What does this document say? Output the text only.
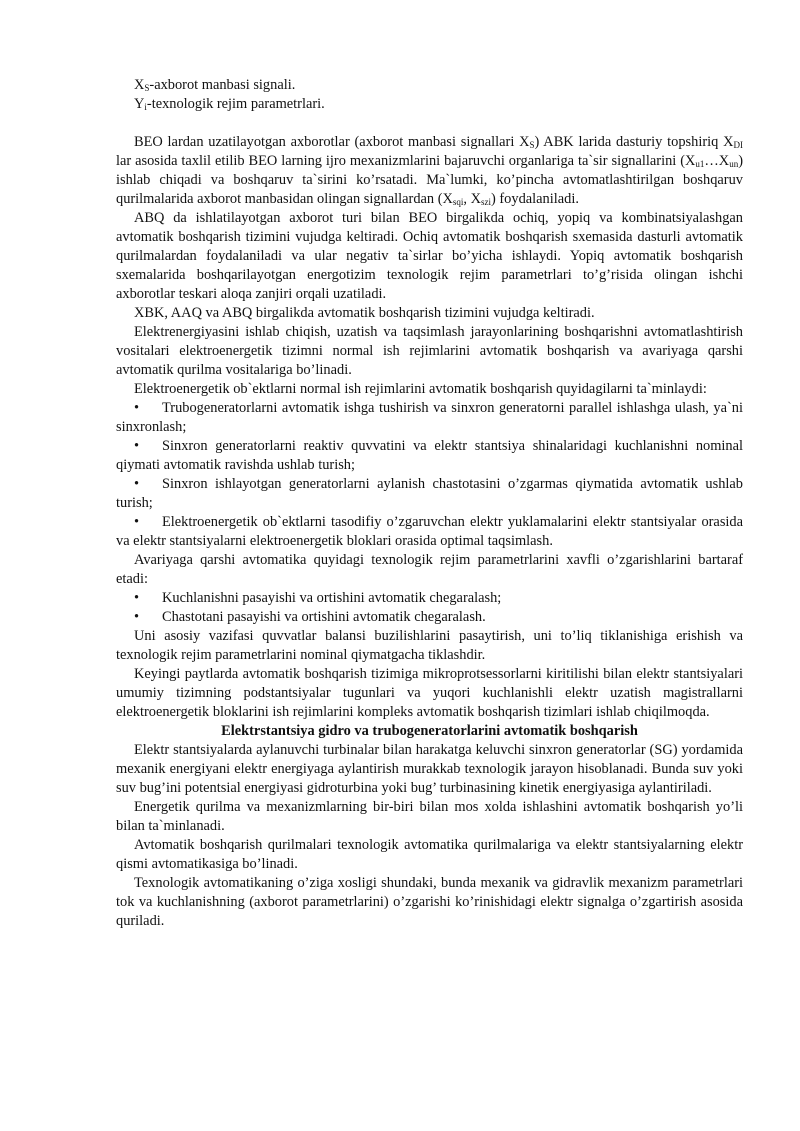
$X_S$-axborot manbasi signali.

$Y_i$-texnologik rejim parametrlari.

BEO lardan uzatilayotgan axborotlar (axborot manbasi signallari $X_S$) ABK larida dasturiy topshiriq $X_{DI}$ lar asosida taxlil etilib BEO larning ijro mexanizmlarini bajaruvchi organlariga ta`sir signallarini $(X_{u1}\dots X_{un})$ ishlab chiqadi va boshqaruv ta`sirini ko’rsatadi. Ma`lumki, ko’pincha avtomatlashtirilgan boshqaruv qurilmalarida axborot manbasidan olingan signallardan ($X_{sqi}$, $X_{szi}$) foydalaniladi.

ABQ da ishlatilayotgan axborot turi bilan BEO birgalikda ochiq, yopiq va kombinatsiyalashgan avtomatik boshqarish tizimini vujudga keltiradi. Ochiq avtomatik boshqarish sxemasida dasturli avtomatik qurilmalardan foydalaniladi va ular negativ ta`sirlar bo’yicha ishlaydi. Yopiq avtomatik boshqarish sxemalarida boshqarilayotgan energotizim texnologik rejim parametrlari to’g’risida olingan ishchi axborotlar teskari aloqa zanjiri orqali uzatiladi.

XBK, AAQ va ABQ birgalikda avtomatik boshqarish tizimini vujudga keltiradi.

Elektrenergiyasini ishlab chiqish, uzatish va taqsimlash jarayonlarining boshqarishni avtomatlashtirish vositalari elektroenergetik tizimni normal ish rejimlarini avtomatik boshqarish va avariyaga qarshi avtomatik qurilma vositalariga bo’linadi.

Elektroenergetik ob`ektlarni normal ish rejimlarini avtomatik boshqarish quyidagilarni ta`minlaydi:

• Trubogeneratorlarni avtomatik ishga tushirish va sinxron generatorni parallel ishlashga ulash, ya`ni sinxronlash;

• Sinxron generatorlarni reaktiv quvvatini va elektr stantsiya shinalaridagi kuchlanishni nominal qiymati avtomatik ravishda ushlab turish;

• Sinxron ishlayotgan generatorlarni aylanish chastotasini o’zgarmas qiymatida avtomatik ushlab turish;

• Elektroenergetik ob`ektlarni tasodifiy o’zgaruvchan elektr yuklamalarini elektr stantsiyalar orasida va elektr stantsiyalarni elektroenergetik bloklari orasida optimal taqsimlash.

Avariyaga qarshi avtomatika quyidagi texnologik rejim parametrlarini xavfli o’zgarishlarini bartaraf etadi:

• Kuchlanishni pasayishi va ortishini avtomatik chegaralash;

• Chastotani pasayishi va ortishini avtomatik chegaralash.

Uni asosiy vazifasi quvvatlar balansi buzilishlarini pasaytirish, uni to’liq tiklanishiga erishish va texnologik rejim parametrlarini nominal qiymatgacha tiklashdir.

Keyingi paytlarda avtomatik boshqarish tizimiga mikroprotsessorlarni kiritilishi bilan elektr stantsiyalari umumiy tizimning podstantsiyalar tugunlari va yuqori kuchlanishli elektr uzatish magistrallarni elektroenergetik bloklarini ish rejimlarini kompleks avtomatik boshqarish tizimlari ishlab chiqilmoqda.

Elektrstantsiya gidro va trubogeneratorlarini avtomatik boshqarish

Elektr stantsiyalarda aylanuvchi turbinalar bilan harakatga keluvchi sinxron generatorlar (SG) yordamida mexanik energiyani elektr energiyaga aylantirish murakkab texnologik jarayon hisoblanadi. Bunda suv yoki suv bug’ini potentsial energiyasi gidroturbina yoki bug’ turbinasining kinetik energiyasiga aylantiriladi.

Energetik qurilma va mexanizmlarning bir-biri bilan mos xolda ishlashini avtomatik boshqarish yo’li bilan ta`minlanadi.

Avtomatik boshqarish qurilmalari texnologik avtomatika qurilmalariga va elektr stantsiyalarning elektr qismi avtomatikasiga bo’linadi.

Texnologik avtomatikaning o’ziga xosligi shundaki, bunda mexanik va gidravlik mexanizm parametrlari tok va kuchlanishning (axborot parametrlarini) o’zgarishi ko’rinishidagi elektr signalga o’zgartirish asosida quriladi.
